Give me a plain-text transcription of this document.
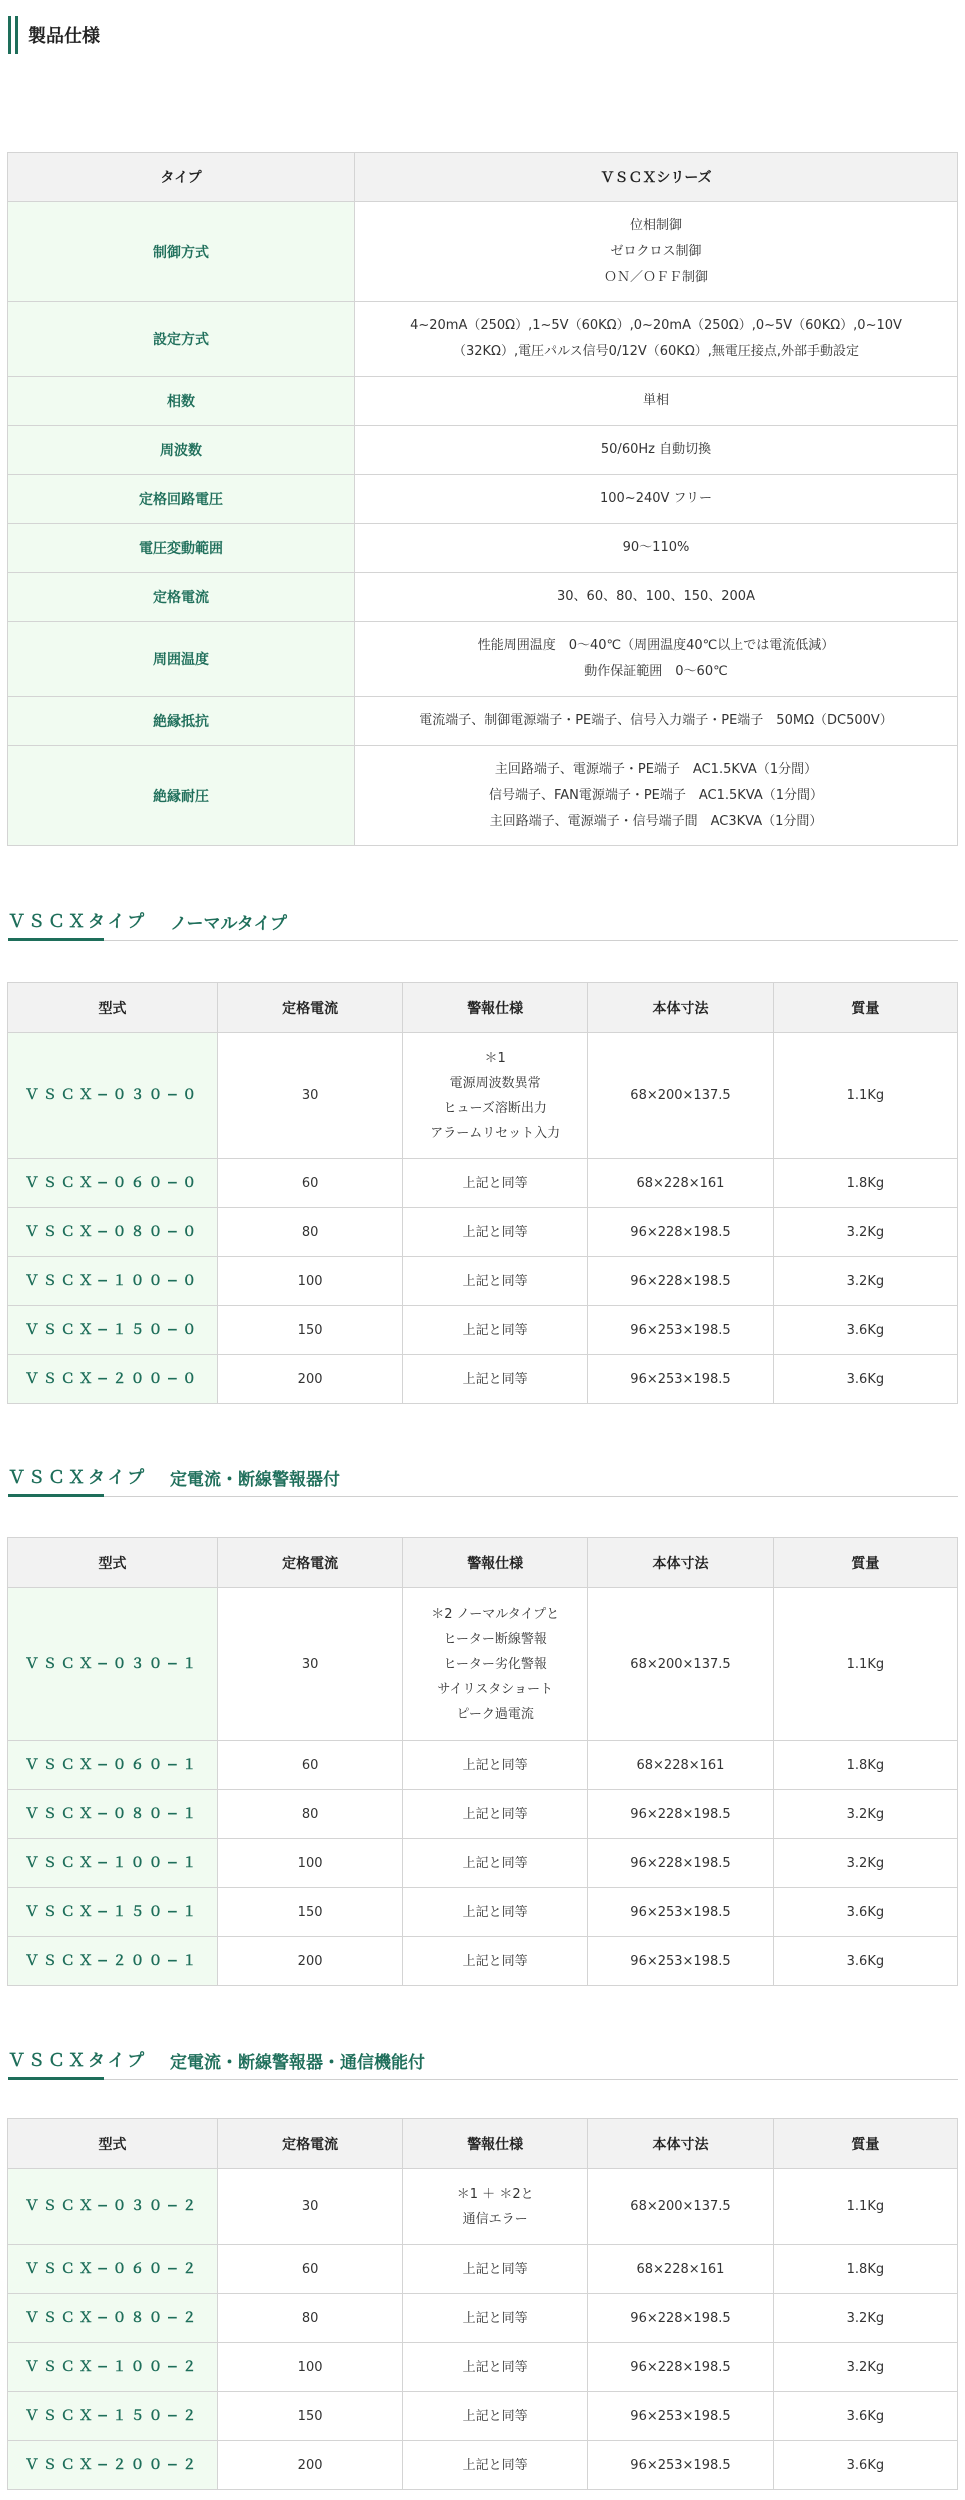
製品仕様
タイプ	ＶＳＣＸシリーズ
制御方式	位相制御
ゼロクロス制御
ＯＮ／ＯＦＦ制御

設定方式	4~20mA（250Ω）,1~5V（60KΩ）,0~20mA（250Ω）,0~5V（60KΩ）,0~10V
（32KΩ）,電圧パルス信号0/12V（60KΩ）,無電圧接点,外部手動設定

相数	単相

周波数	50/60Hz 自動切換

定格回路電圧	100~240V フリー

電圧変動範囲	90〜110%

定格電流	30、60、80、100、150、200A

周囲温度	性能周囲温度　0〜40℃（周囲温度40℃以上では電流低減）
動作保証範囲　0〜60℃

絶縁抵抗	電流端子、制御電源端子・PE端子、信号入力端子・PE端子　50MΩ（DC500V）

絶縁耐圧	主回路端子、電源端子・PE端子　AC1.5KVA（1分間）
信号端子、FAN電源端子・PE端子　AC1.5KVA（1分間）
主回路端子、電源端子・信号端子間　AC3KVA（1分間）
ＶＳＣＸタイプ ノーマルタイプ
型式	定格電流	警報仕様	本体寸法	質量
ＶＳＣＸ−０３０−０	30	＊1
電源周波数異常
ヒューズ溶断出力
アラームリセット入力	68×200×137.5	1.1Kg
ＶＳＣＸ−０６０−０	60	上記と同等	68×228×161	1.8Kg
ＶＳＣＸ−０８０−０	80	上記と同等	96×228×198.5	3.2Kg
ＶＳＣＸ−１００−０	100	上記と同等	96×228×198.5	3.2Kg
ＶＳＣＸ−１５０−０	150	上記と同等	96×253×198.5	3.6Kg
ＶＳＣＸ−２００−０	200	上記と同等	96×253×198.5	3.6Kg
ＶＳＣＸタイプ 定電流・断線警報器付
型式	定格電流	警報仕様	本体寸法	質量
ＶＳＣＸ−０３０−１	30	＊2 ノーマルタイプと
ヒーター断線警報
ヒーター劣化警報
サイリスタショート
ピーク過電流	68×200×137.5	1.1Kg
ＶＳＣＸ−０６０−１	60	上記と同等	68×228×161	1.8Kg
ＶＳＣＸ−０８０−１	80	上記と同等	96×228×198.5	3.2Kg
ＶＳＣＸ−１００−１	100	上記と同等	96×228×198.5	3.2Kg
ＶＳＣＸ−１５０−１	150	上記と同等	96×253×198.5	3.6Kg
ＶＳＣＸ−２００−１	200	上記と同等	96×253×198.5	3.6Kg
ＶＳＣＸタイプ 定電流・断線警報器・通信機能付
型式	定格電流	警報仕様	本体寸法	質量
ＶＳＣＸ−０３０−２	30	＊1 ＋ ＊2と
通信エラー	68×200×137.5	1.1Kg
ＶＳＣＸ−０６０−２	60	上記と同等	68×228×161	1.8Kg
ＶＳＣＸ−０８０−２	80	上記と同等	96×228×198.5	3.2Kg
ＶＳＣＸ−１００−２	100	上記と同等	96×228×198.5	3.2Kg
ＶＳＣＸ−１５０−２	150	上記と同等	96×253×198.5	3.6Kg
ＶＳＣＸ−２００−２	200	上記と同等	96×253×198.5	3.6Kg
